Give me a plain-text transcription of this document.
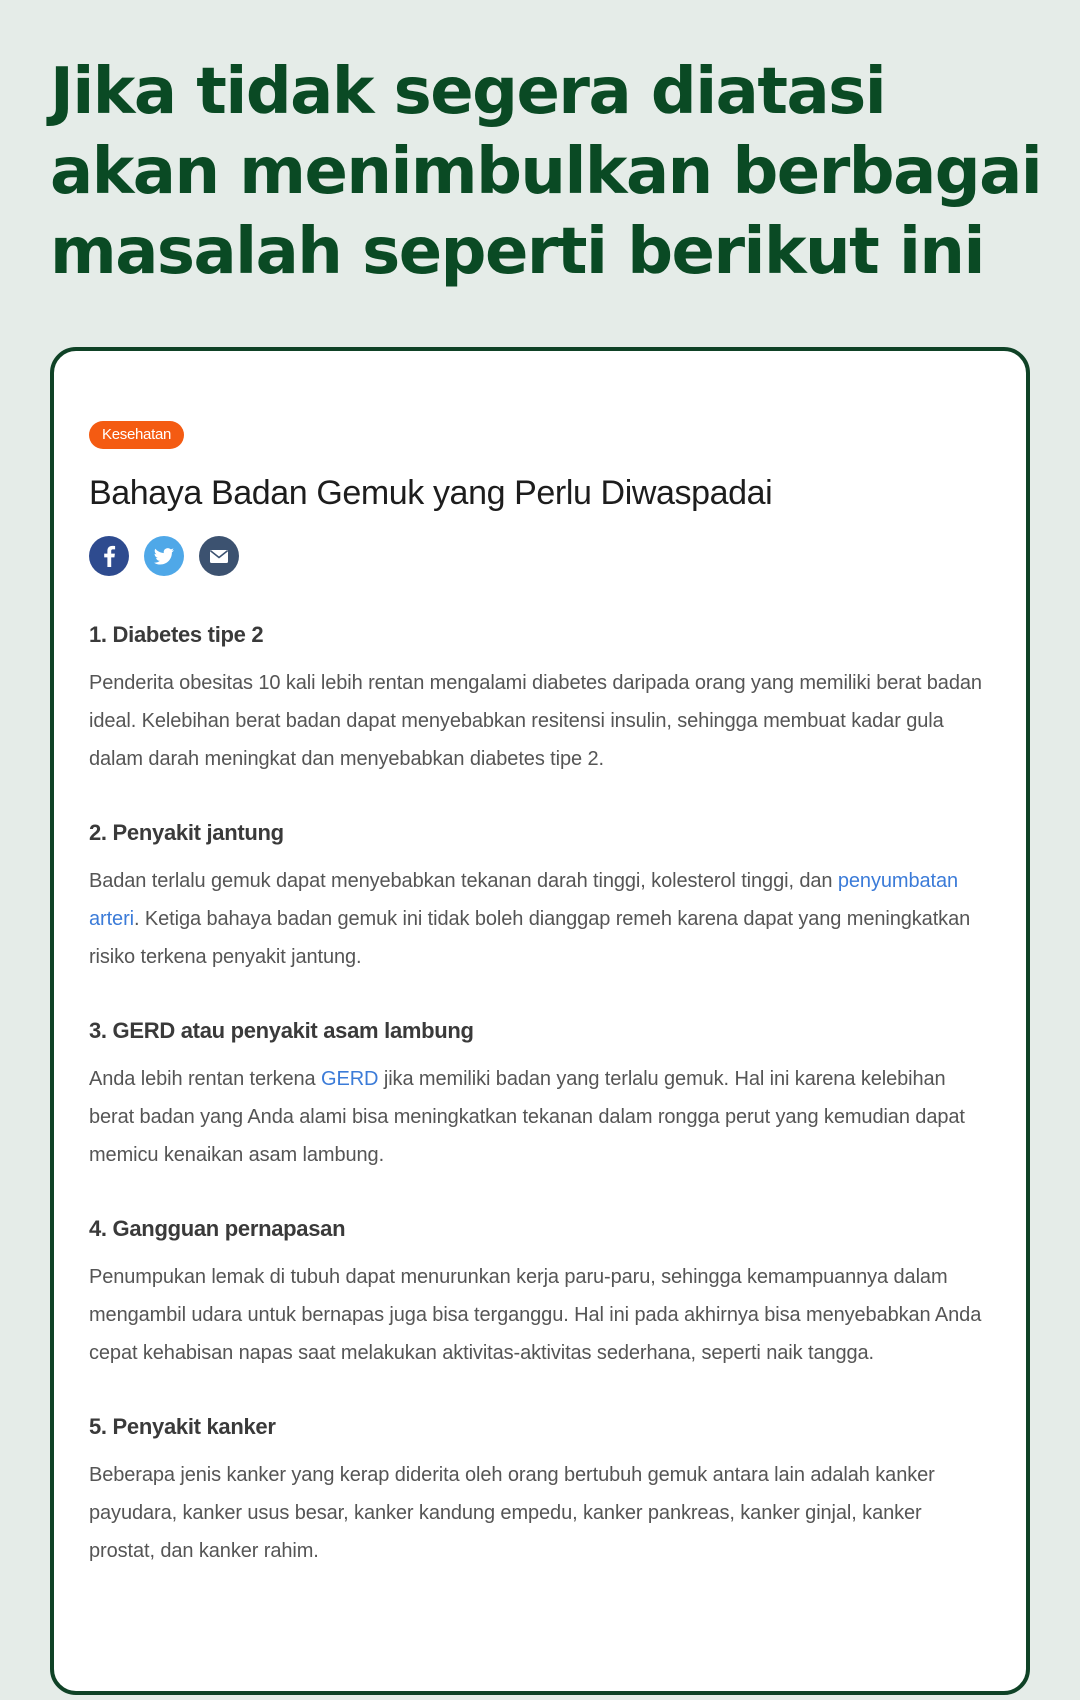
Jika tidak segera diatasi akan menimbulkan berbagai masalah seperti berikut ini
Kesehatan
Bahaya Badan Gemuk yang Perlu Diwaspadai
1. Diabetes tipe 2

Penderita obesitas 10 kali lebih rentan mengalami diabetes daripada orang yang memiliki berat badan ideal. Kelebihan berat badan dapat menyebabkan resitensi insulin, sehingga membuat kadar gula dalam darah meningkat dan menyebabkan diabetes tipe 2.

2. Penyakit jantung

Badan terlalu gemuk dapat menyebabkan tekanan darah tinggi, kolesterol tinggi, dan penyumbatan arteri. Ketiga bahaya badan gemuk ini tidak boleh dianggap remeh karena dapat yang meningkatkan risiko terkena penyakit jantung.

3. GERD atau penyakit asam lambung

Anda lebih rentan terkena GERD jika memiliki badan yang terlalu gemuk. Hal ini karena kelebihan berat badan yang Anda alami bisa meningkatkan tekanan dalam rongga perut yang kemudian dapat memicu kenaikan asam lambung.

4. Gangguan pernapasan

Penumpukan lemak di tubuh dapat menurunkan kerja paru-paru, sehingga kemampuannya dalam mengambil udara untuk bernapas juga bisa terganggu. Hal ini pada akhirnya bisa menyebabkan Anda cepat kehabisan napas saat melakukan aktivitas-aktivitas sederhana, seperti naik tangga.

5. Penyakit kanker

Beberapa jenis kanker yang kerap diderita oleh orang bertubuh gemuk antara lain adalah kanker payudara, kanker usus besar, kanker kandung empedu, kanker pankreas, kanker ginjal, kanker prostat, dan kanker rahim.
